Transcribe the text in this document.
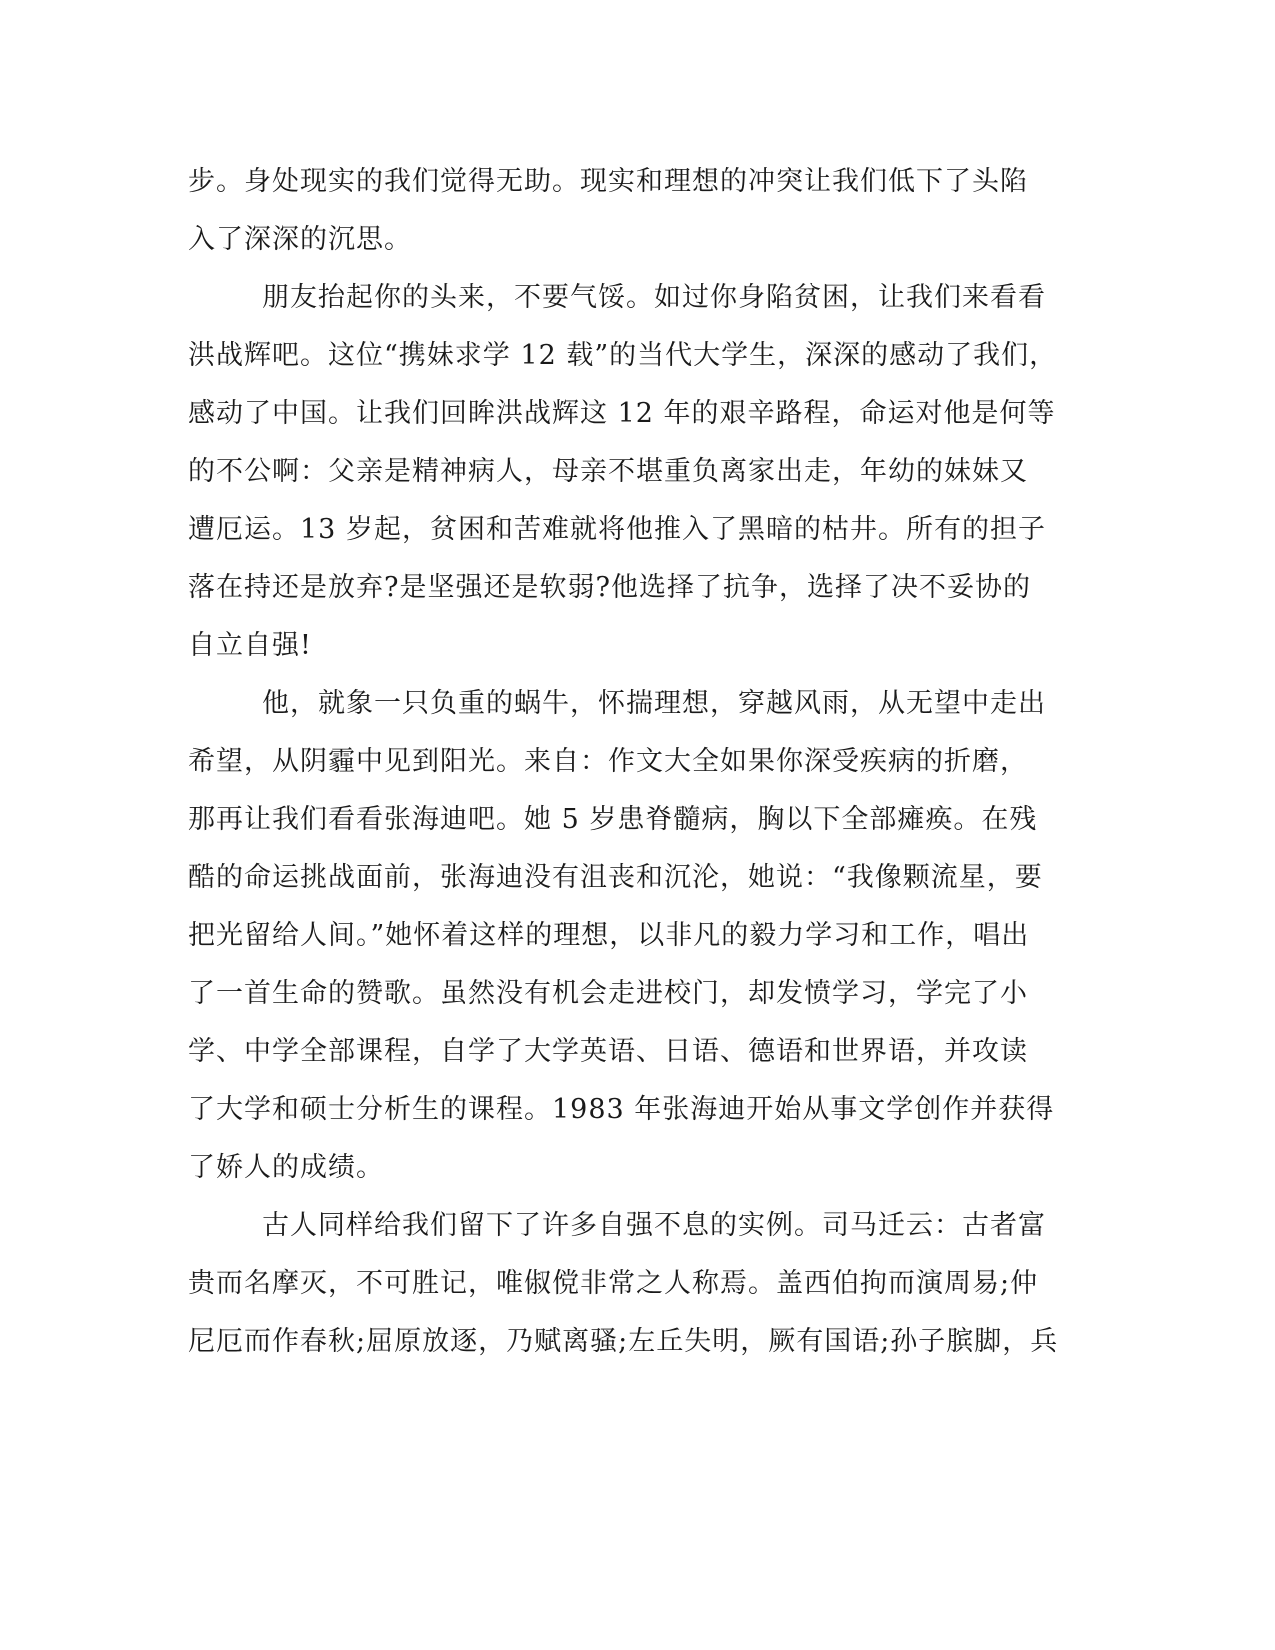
步。身处现实的我们觉得无助。现实和理想的冲突让我们低下了头陷
入了深深的沉思。
朋友抬起你的头来，不要气馁。如过你身陷贫困，让我们来看看
洪战辉吧。这位“携妹求学 12 载”的当代大学生，深深的感动了我们，
感动了中国。让我们回眸洪战辉这 12 年的艰辛路程，命运对他是何等
的不公啊：父亲是精神病人，母亲不堪重负离家出走，年幼的妹妹又
遭厄运。13 岁起，贫困和苦难就将他推入了黑暗的枯井。所有的担子
落在持还是放弃?是坚强还是软弱?他选择了抗争，选择了决不妥协的
自立自强!
他，就象一只负重的蜗牛，怀揣理想，穿越风雨，从无望中走出
希望，从阴霾中见到阳光。来自：作文大全如果你深受疾病的折磨，
那再让我们看看张海迪吧。她 5 岁患脊髓病，胸以下全部瘫痪。在残
酷的命运挑战面前，张海迪没有沮丧和沉沦，她说：“我像颗流星，要
把光留给人间。”她怀着这样的理想，以非凡的毅力学习和工作，唱出
了一首生命的赞歌。虽然没有机会走进校门，却发愤学习，学完了小
学、中学全部课程，自学了大学英语、日语、德语和世界语，并攻读
了大学和硕士分析生的课程。1983 年张海迪开始从事文学创作并获得
了娇人的成绩。
古人同样给我们留下了许多自强不息的实例。司马迁云：古者富
贵而名摩灭，不可胜记，唯俶傥非常之人称焉。盖西伯拘而演周易;仲
尼厄而作春秋;屈原放逐，乃赋离骚;左丘失明，厥有国语;孙子膑脚，兵
